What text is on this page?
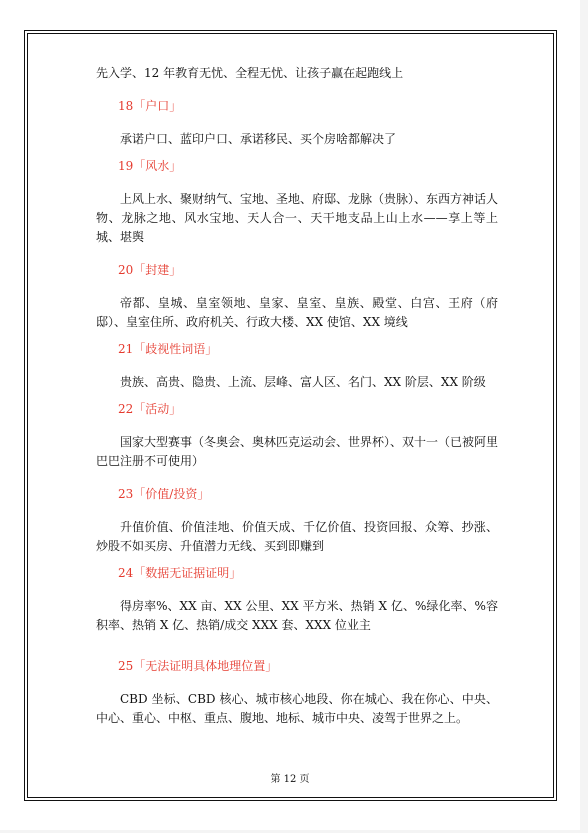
先入学、12 年教育无忧、全程无忧、让孩子赢在起跑线上

18「户口」

承诺户口、蓝印户口、承诺移民、买个房啥都解决了

19「风水」

上风上水、聚财纳气、宝地、圣地、府邸、龙脉（贵脉）、东西方神话人物、龙脉之地、风水宝地、天人合一、天干地支品上山上水——享上等上城、堪舆

20「封建」

帝都、皇城、皇室领地、皇家、皇室、皇族、殿堂、白宫、王府（府邸）、皇室住所、政府机关、行政大楼、XX 使馆、XX 境线

21「歧视性词语」

贵族、高贵、隐贵、上流、层峰、富人区、名门、XX 阶层、XX 阶级

22「活动」

国家大型赛事（冬奥会、奥林匹克运动会、世界杯）、双十一（已被阿里巴巴注册不可使用）

23「价值/投资」

升值价值、价值洼地、价值天成、千亿价值、投资回报、众筹、抄涨、炒股不如买房、升值潜力无线、买到即赚到

24「数据无证据证明」

得房率%、XX 亩、XX 公里、XX 平方米、热销 X 亿、%绿化率、%容积率、热销 X 亿、热销/成交 XXX 套、XXX 位业主

25「无法证明具体地理位置」

CBD 坐标、CBD 核心、城市核心地段、你在城心、我在你心、中央、中心、重心、中枢、重点、腹地、地标、城市中央、凌驾于世界之上。

第 12 页
